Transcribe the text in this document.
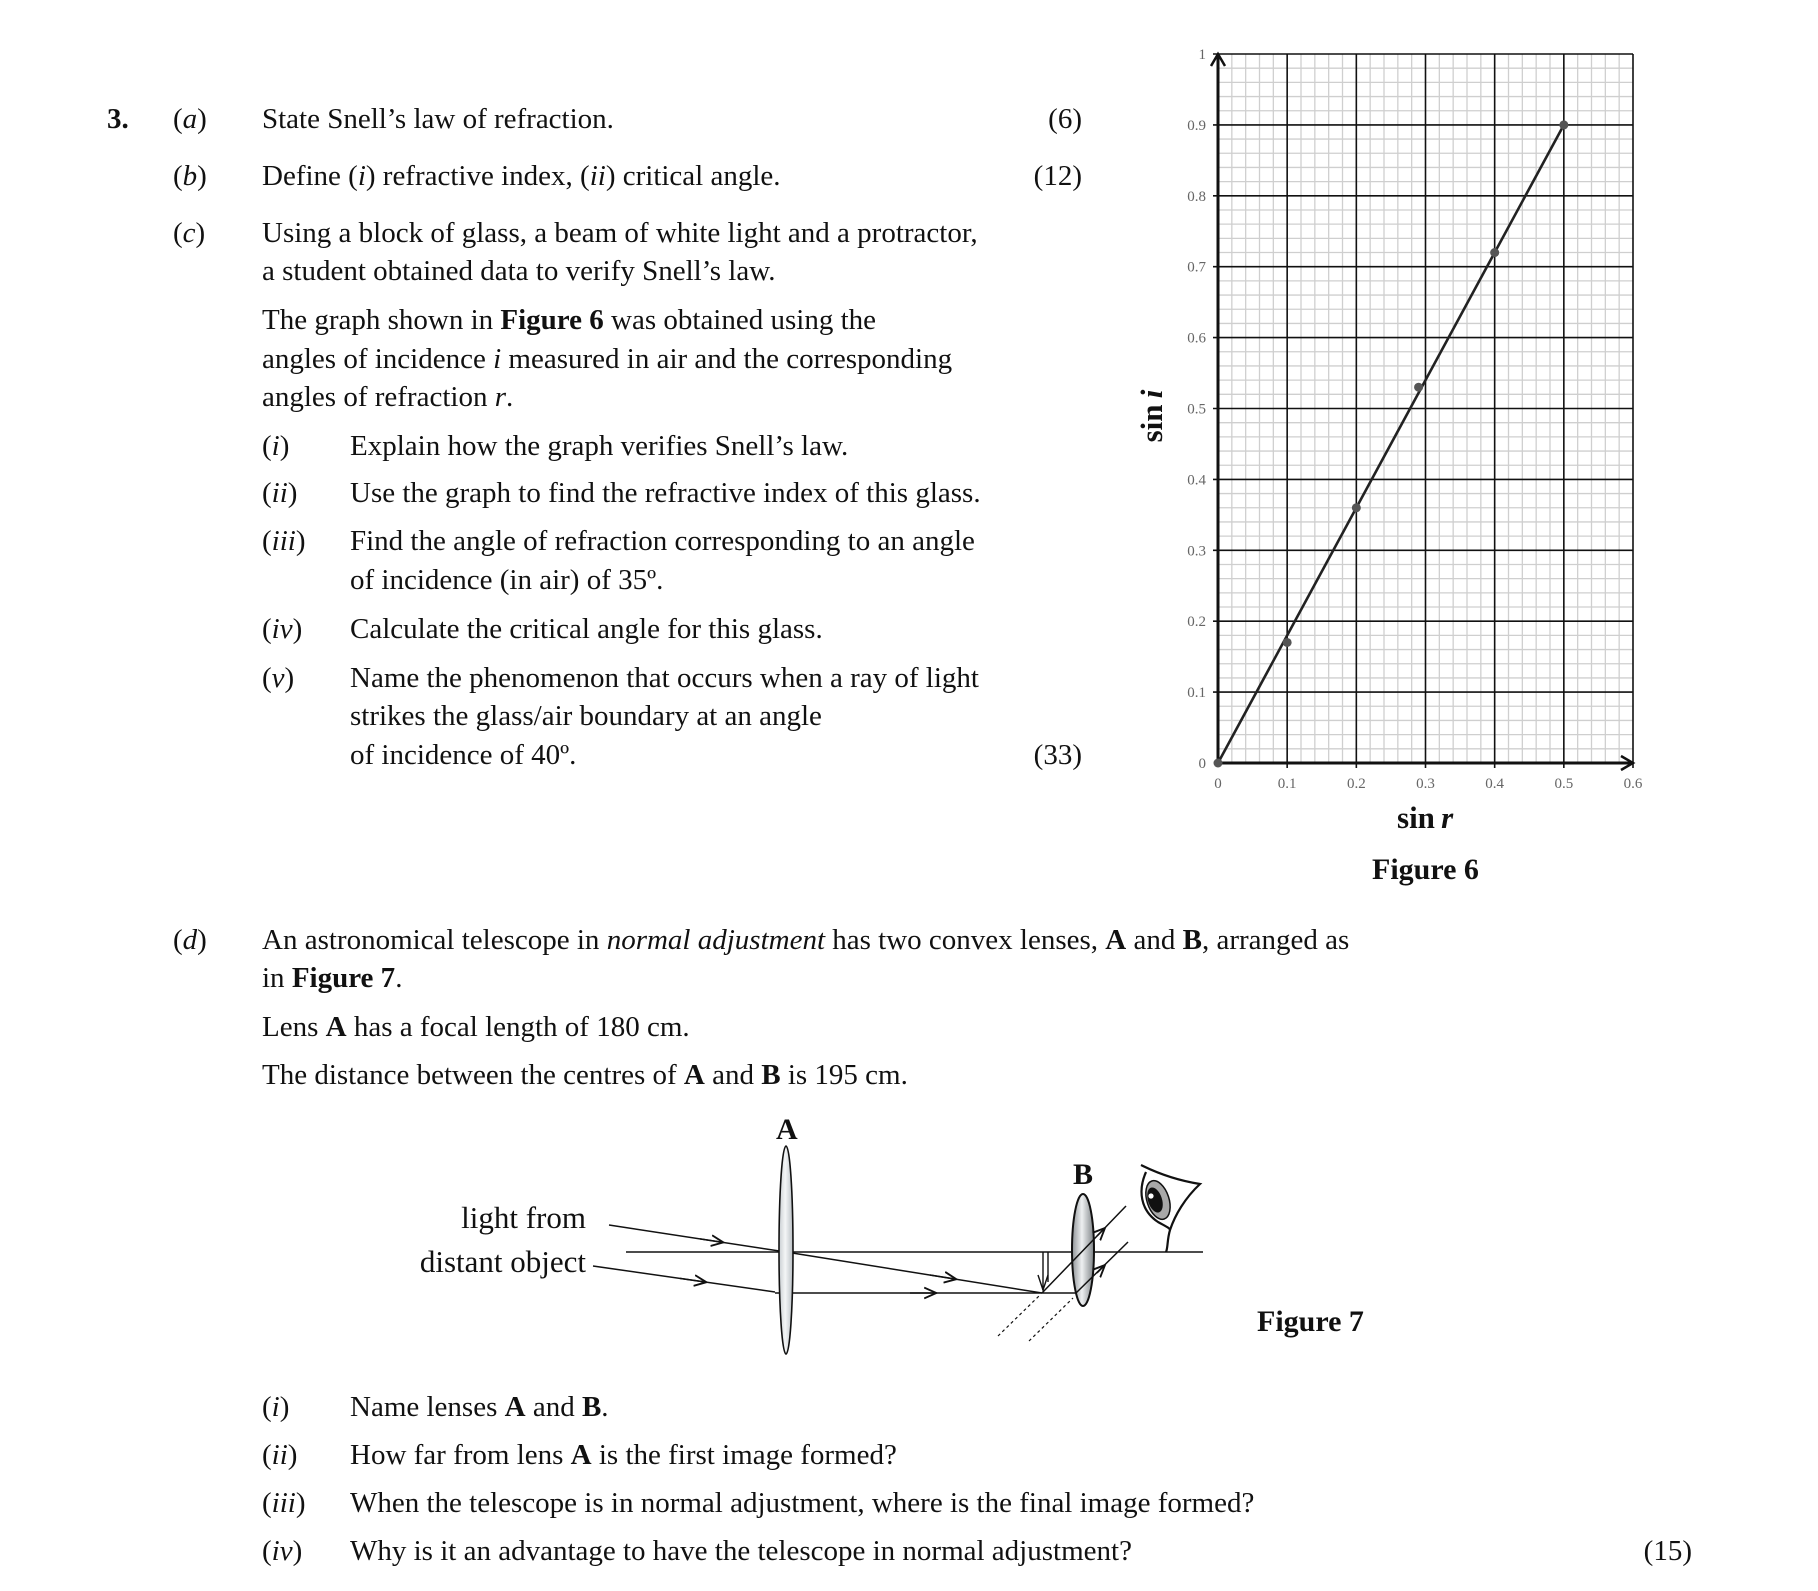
3. (a) State Snell’s law of refraction.	(6)
(b) Define (i) refractive index, (ii) critical angle.	(12)
(c) Using a block of glass, a beam of white light and a protractor,
a student obtained data to verify Snell’s law.
The graph shown in Figure 6 was obtained using the
angles of incidence i measured in air and the corresponding
angles of refraction r.
(i) Explain how the graph verifies Snell’s law.
(ii) Use the graph to find the refractive index of this glass.
(iii) Find the angle of refraction corresponding to an angle
of incidence (in air) of 35º.
(iv) Calculate the critical angle for this glass.
(v) Name the phenomenon that occurs when a ray of light
strikes the glass/air boundary at an angle
of incidence of 40º.	(33)
0	0.1	0.2	0.3	0.4	0.5	0.6
0
0.1
0.2
0.3
0.4
0.5
0.6
0.7
0.8
0.9
1
sin i
sin  r
Figure 6
(d) An astronomical telescope in normal adjustment has two convex lenses, A and B, arranged as
in Figure 7.
Lens A has a focal length of 180 cm.
The distance between the centres of A and B is 195 cm.
light from
distant object
A
B
Figure 7
(i) Name lenses A and B.
(ii) How far from lens A is the first image formed?
(iii) When the telescope is in normal adjustment, where is the final image formed?
(iv) Why is it an advantage to have the telescope in normal adjustment?	(15)
